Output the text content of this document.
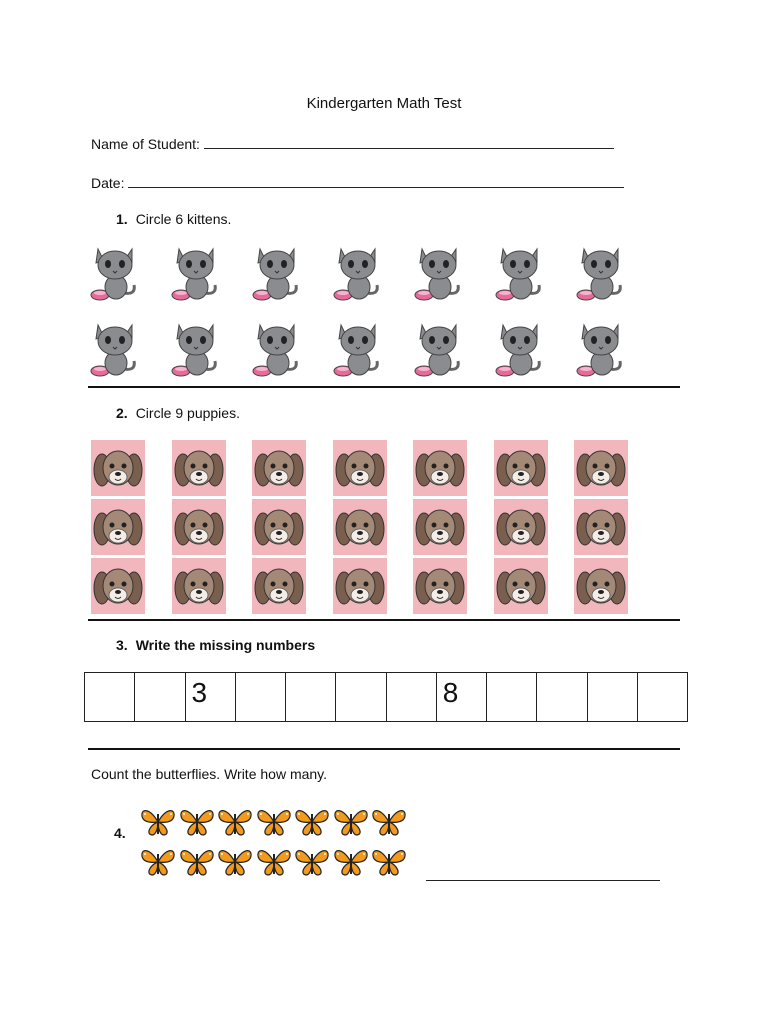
Kindergarten Math Test
Name of Student:
Date:
1. Circle 6 kittens.
2. Circle 9 puppies.
3. Write the missing numbers
3	8
Count the butterflies. Write how many.
4.
